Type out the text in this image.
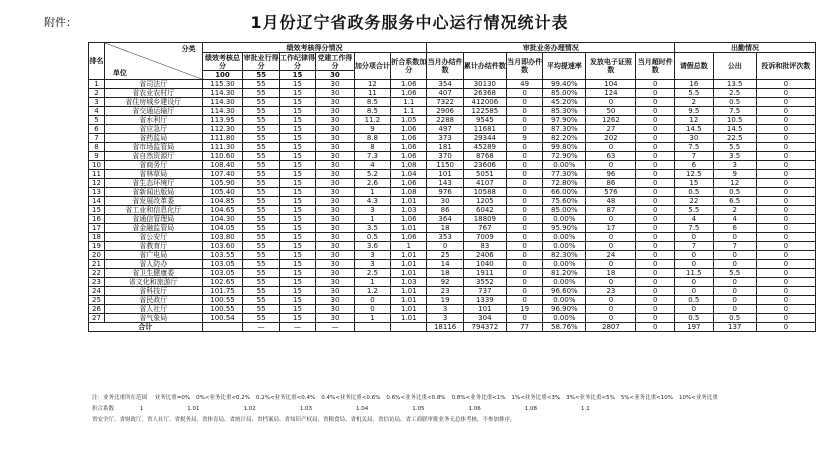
附件：	1月份辽宁省政务服务中心运行情况统计表
排名	分类
单位	绩效考核得分情况						审批业务办理情况						出勤情况		
		绩效考核总分	审批业行得分	工作纪律得分	党建工作得分	加分项合计	折合系数加分	当月办结件数	累计办结件数	当月即办件数	平均提速率	发放电子证照数	当月超时件数	请假总数	公出	投诉和批评次数
		100	55	15	30											
1	省司法厅	115.30	55	15	30	12	1.06	354	30130	49	99.40%	104	0	16	13.5	0
2	省农业农村厅	114.30	55	15	30	11	1.06	407	26368	0	85.00%	124	0	5.5	2.5	0
3	省住房城乡建设厅	114.30	55	15	30	8.5	1.1	7322	412006	0	45.20%	0	0	2	0.5	0
4	省交通运输厅	114.30	55	15	30	8.5	1.1	2906	122585	0	85.30%	50	0	9.5	7.5	0
5	省水利厅	113.95	55	15	30	11.2	1.05	2288	9545	0	97.90%	1262	0	12	10.5	0
6	省应急厅	112.30	55	15	30	9	1.06	497	11681	0	87.30%	27	0	14.5	14.5	0
7	省药监局	111.80	55	15	30	8.8	1.06	373	29344	9	82.20%	202	0	30	22.5	0
8	省市场监管局	111.30	55	15	30	8	1.06	181	45289	0	99.80%	0	0	7.5	5.5	0
9	省自然资源厅	110.60	55	15	30	7.3	1.06	370	8768	0	72.90%	63	0	7	3.5	0
10	省商务厅	108.40	55	15	30	4	1.08	1150	23606	0	0.00%	0	0	6	3	0
11	省林草局	107.40	55	15	30	5.2	1.04	101	5051	0	77.30%	96	0	12.5	9	0
12	省生态环境厅	105.90	55	15	30	2.6	1.06	143	4107	0	72.80%	86	0	15	12	0
13	省新闻出版局	105.40	55	15	30	1	1.08	976	10588	0	66.00%	576	0	0.5	0.5	0
14	省发展改革委	104.85	55	15	30	4.3	1.01	30	1205	0	75.60%	48	0	22	6.5	0
15	省工业和信息化厅	104.65	55	15	30	3	1.03	86	6042	0	85.00%	87	0	5.5	2	0
16	省通信管理局	104.30	55	15	30	1	1.06	364	18809	0	0.00%	0	0	4	4	0
17	省金融监管局	104.05	55	15	30	3.5	1.01	18	767	0	95.90%	17	0	7.5	6	0
18	省公安厅	103.80	55	15	30	0.5	1.06	353	7009	0	0.00%	0	0	0	0	0
19	省教育厅	103.60	55	15	30	3.6	1	0	83	0	0.00%	0	0	7	7	0
20	省广电局	103.55	55	15	30	3	1.01	25	2406	0	82.30%	24	0	0	0	0
21	省人防办	103.05	55	15	30	3	1.01	14	1040	0	0.00%	0	0	0	0	0
22	省卫生健康委	103.05	55	15	30	2.5	1.01	18	1911	0	81.20%	18	0	11.5	5.5	0
23	省文化和旅游厅	102.65	55	15	30	1	1.03	92	3552	0	0.00%	0	0	0	0	0
24	省科技厅	101.75	55	15	30	1.2	1.01	23	737	0	96.60%	23	0	0	0	0
25	省民政厅	100.55	55	15	30	0	1.01	19	1339	0	0.00%	0	0	0.5	0	0
26	省人社厅	100.55	55	15	30	0	1.01	3	101	19	96.90%	0	0	0	0	0
27	省气象局	100.54	55	15	30	1	1.01	3	304	0	0.00%	0	0	0.5	0.5	0
合计			—	—	—			18116	794372	77	58.76%	2807	0	197	137	0
注：业务比重所在范围 业务比重=0% 0%<业务比重<0.2% 0.2%<业务比重<0.4% 0.4%<业务比重<0.6% 0.6%<业务比重<0.8% 0.8%<业务比重<1% 1%<业务比重<3% 3%<业务比重<5% 5%<业务比重<10% 10%<业务比重
折合系数	1	1.01	1.02	1.03	1.04	1.05	1.06	1.08	1.1
省安全厅、省财政厅、省人社厅、省税务局、省体育局、省统计局、省档案局、省知识产权局、省粮食局、省机关局、省信访局、省工商联审批业务无总体考核，不参加排序。
